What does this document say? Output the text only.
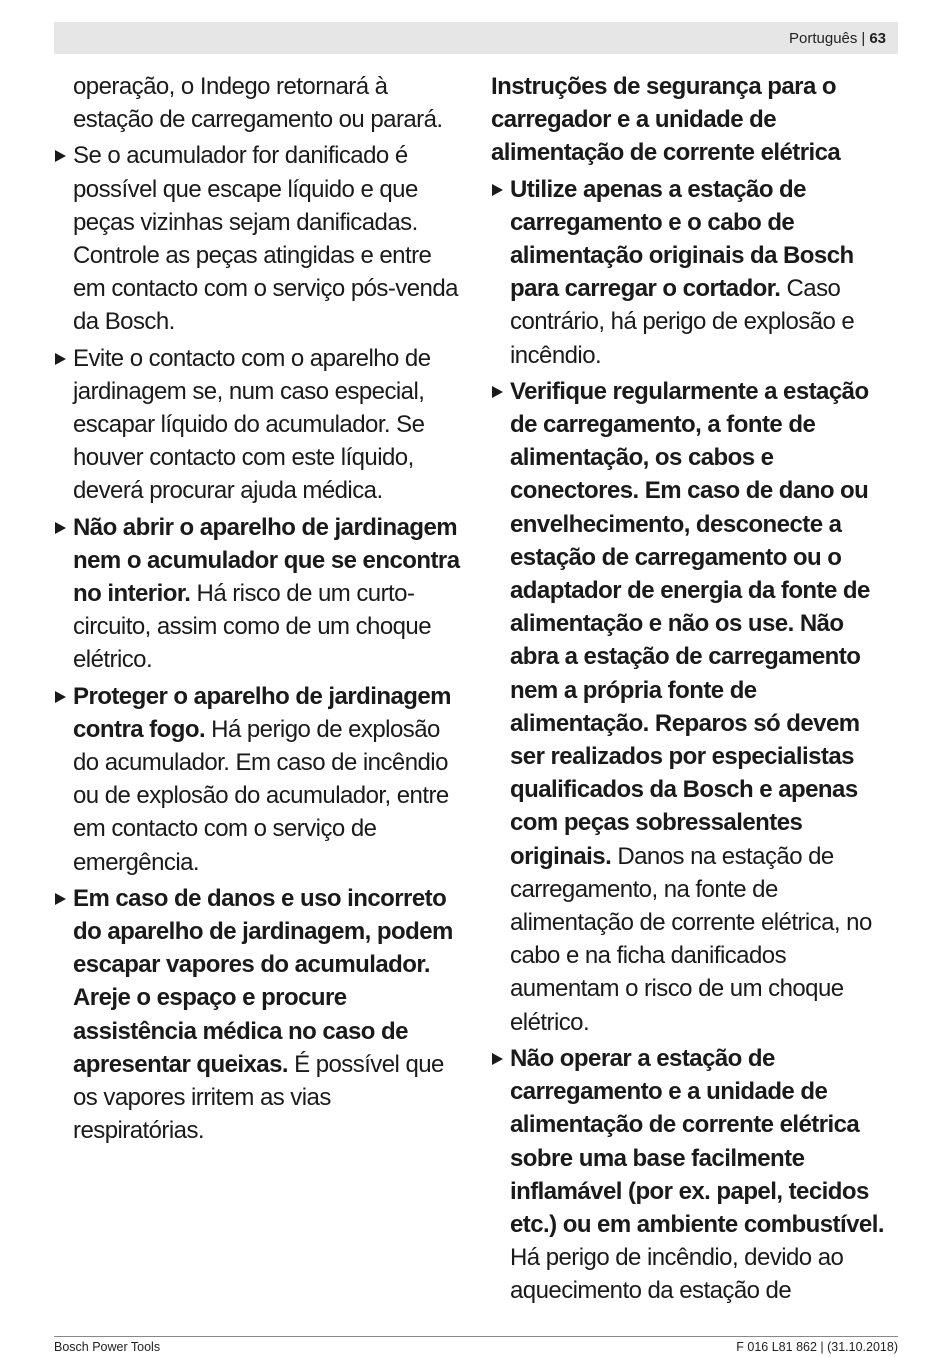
Português | 63

operação, o Indego retornará à estação de carregamento ou parará.

Se o acumulador for danificado é possível que escape líquido e que peças vizinhas sejam danificadas. Controle as peças atingidas e entre em contacto com o serviço pós-venda da Bosch.

Evite o contacto com o aparelho de jardinagem se, num caso especial, escapar líquido do acumulador. Se houver contacto com este líquido, deverá procurar ajuda médica.

Não abrir o aparelho de jardinagem nem o acumulador que se encontra no interior. Há risco de um curto-circuito, assim como de um choque elétrico.

Proteger o aparelho de jardinagem contra fogo. Há perigo de explosão do acumulador. Em caso de incêndio ou de explosão do acumulador, entre em contacto com o serviço de emergência.

Em caso de danos e uso incorreto do aparelho de jardinagem, podem escapar vapores do acumulador. Areje o espaço e procure assistência médica no caso de apresentar queixas. É possível que os vapores irritem as vias respiratórias.

Instruções de segurança para o carregador e a unidade de alimentação de corrente elétrica

Utilize apenas a estação de carregamento e o cabo de alimentação originais da Bosch para carregar o cortador. Caso contrário, há perigo de explosão e incêndio.

Verifique regularmente a estação de carregamento, a fonte de alimentação, os cabos e conectores. Em caso de dano ou envelhecimento, desconecte a estação de carregamento ou o adaptador de energia da fonte de alimentação e não os use. Não abra a estação de carregamento nem a própria fonte de alimentação. Reparos só devem ser realizados por especialistas qualificados da Bosch e apenas com peças sobressalentes originais. Danos na estação de carregamento, na fonte de alimentação de corrente elétrica, no cabo e na ficha danificados aumentam o risco de um choque elétrico.

Não operar a estação de carregamento e a unidade de alimentação de corrente elétrica sobre uma base facilmente inflamável (por ex. papel, tecidos etc.) ou em ambiente combustível. Há perigo de incêndio, devido ao aquecimento da estação de

Bosch Power Tools	F 016 L81 862 | (31.10.2018)
